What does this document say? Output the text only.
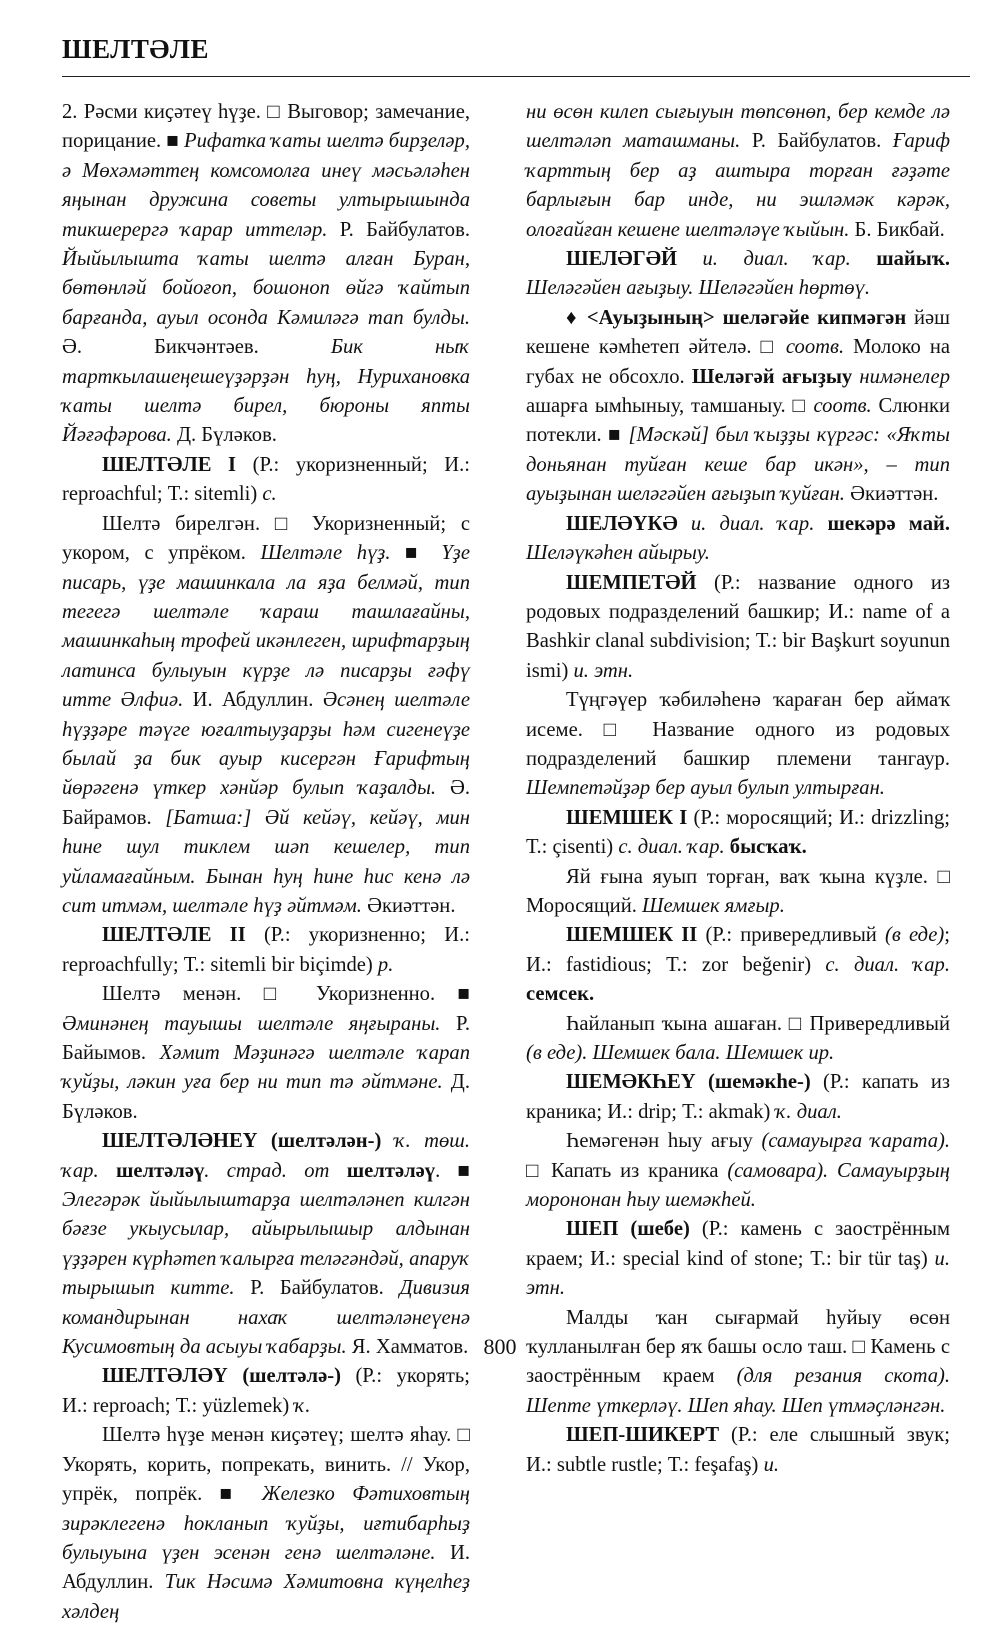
ШЕЛТӘЛЕ

2. Рәсми киҫәтеү һүҙе. □ Выговор; замечание, порицание. ■ Рифатка ҡаты шелтә бирҙеләр, ә Мөхәмәттең комсомолға инеү мәсьәләһен яңынан дружина советы ултырышында тикшерергә ҡарар иттеләр. Р. Байбулатов. Йыйылышта ҡаты шелтә алған Буран, бөтөнләй бойоғоп, бошоноп өйгә ҡайтып барғанда, ауыл осонда Кәмиләгә тап булды. Ә. Бикчәнтәев. Бик ныҡ тарткылашеңешеүҙәрҙән һуң, Нурихановка ҡаты шелтә бирел, бюроны япты Йәғәфәрова. Д. Бүләков.

ШЕЛТӘЛЕ I (Р.: укоризненный; И.: reproachful; Т.: sitemli) с.

Шелтә бирелгән. □ Укоризненный; с укором, с упрёком. Шелтәле һүҙ. ■ Үҙе писарь, үҙе машинкала ла яҙа белмәй, тип тегегә шелтәле ҡараш ташлағайны, машинкаһың трофей икәнлеген, шрифтарҙың латинса булыуын күрҙе лә писарҙы ғәфү итте Әлфиә. И. Абдуллин. Әсәнең шелтәле һүҙҙәре тәүге юғалтыуҙарҙы һәм сигенеүҙе былай ҙа бик ауыр кисергән Ғарифтың йөрәгенә үткер хәнйәр булып ҡаҙалды. Ә. Байрамов. [Батша:] Әй кейәү, кейәү, мин һине шул тиклем шәп кешелер, тип уйламағайным. Бынан һуң һине һис кенә лә сит итмәм, шелтәле һүҙ әйтмәм. Әкиәттән.

ШЕЛТӘЛЕ II (Р.: укоризненно; И.: reproachfully; Т.: sitemli bir biçimde) р.

Шелтә менән. □ Укоризненно. ■ Әминәнең тауышы шелтәле яңғыраны. Р. Байымов. Хәмит Мәҙинәгә шелтәле ҡарап ҡуйҙы, ләкин уға бер ни тип тә әйтмәне. Д. Бүләков.

ШЕЛТӘЛӘНЕҮ (шелтәлән-) ҡ. төш. ҡар. шелтәләү. страд. от шелтәләү. ■ Элегәрәк йыйылыштарҙа шелтәләнеп килгән бәғзе укыусылар, айырылышыр алдынан үҙҙәрен күрһәтеп ҡалырға теләгәндәй, апаруҡ тырышып китте. Р. Байбулатов. Дивизия командирынан нахаҡ шелтәләнеүенә Кусимовтың да асыуы ҡабарҙы. Я. Хамматов.

ШЕЛТӘЛӘҮ (шелтәлә-) (Р.: укорять; И.: reproach; Т.: yüzlemek) ҡ.

Шелтә һүҙе менән киҫәтеү; шелтә яһау. □ Укорять, корить, попрекать, винить. // Укор, упрёк, попрёк. ■ Железко Фәтиховтың зирәклегенә һокланып ҡуйҙы, иғтибарһыҙ булыуына үҙен эсенән генә шелтәләне. И. Абдуллин. Тик Нәсимә Хәмитовна күңелһеҙ хәлдең

ни өсөн килеп сығыуын төпсөнөп, бер кемде лә шелтәләп маташманы. Р. Байбулатов. Ғариф ҡарттың бер аҙ аштыра торған ғәҙәте барлығын бар инде, ни эшләмәк кәрәк, олоғайған кешене шелтәләүе ҡыйын. Б. Бикбай.

ШЕЛӘГӘЙ и. диал. ҡар. шайыҡ. Шеләгәйен ағыҙыу. Шеләгәйен һөртөү.

♦ <Ауыҙының> шеләгәйе кипмәгән йәш кешене кәмһетеп әйтелә. □ соотв. Молоко на губах не обсохло. Шеләгәй ағыҙыу нимәнелер ашарға ымһыныу, тамшаныу. □ соотв. Слюнки потекли. ■ [Мәскәй] был ҡыҙҙы күргәс: «Яҡты доньянан туйған кеше бар икән», – тип ауыҙынан шеләгәйен ағыҙып ҡуйған. Әкиәттән.

ШЕЛӘҮКӘ и. диал. ҡар. шекәрә май. Шеләүкәһен айырыу.

ШЕМПЕТӘЙ (Р.: название одного из родовых подразделений башкир; И.: name of a Bashkir clanal subdivision; Т.: bir Başkurt soyunun ismi) и. этн.

Түңгәүер ҡәбиләһенә ҡараған бер аймаҡ исеме. □ Название одного из родовых подразделений башкир племени тангаур. Шемпетәйҙәр бер ауыл булып ултырған.

ШЕМШЕК I (Р.: моросящий; И.: drizzling; Т.: çisenti) с. диал. ҡар. бысҡаҡ.

Яй ғына яуып торған, ваҡ ҡына күҙле. □ Моросящий. Шемшек ямғыр.

ШЕМШЕК II (Р.: привередливый (в еде); И.: fastidious; Т.: zor beğenir) с. диал. ҡар. семсек.

Һайланып ҡына ашаған. □ Привередливый (в еде). Шемшек бала. Шемшек ир.

ШЕМӘКҺЕҮ (шемәкһе-) (Р.: капать из краника; И.: drip; Т.: akmak) ҡ. диал.

Һемәгенән һыу ағыу (самауырға ҡарата). □ Капать из краника (самовара). Самауырҙың морононан һыу шемәкһей.

ШЕП (шебе) (Р.: камень с заострённым краем; И.: special kind of stone; Т.: bir tür taş) и. этн.

Малды ҡан сығармай һуйыу өсөн ҡулланылған бер яҡ башы осло таш. □ Камень с заострённым краем (для резания скота). Шепте үткерләү. Шеп яһау. Шеп үтмәҫләнгән.

ШЕП-ШИКЕРТ (Р.: еле слышный звук; И.: subtle rustle; Т.: feşafaş) и.

800
